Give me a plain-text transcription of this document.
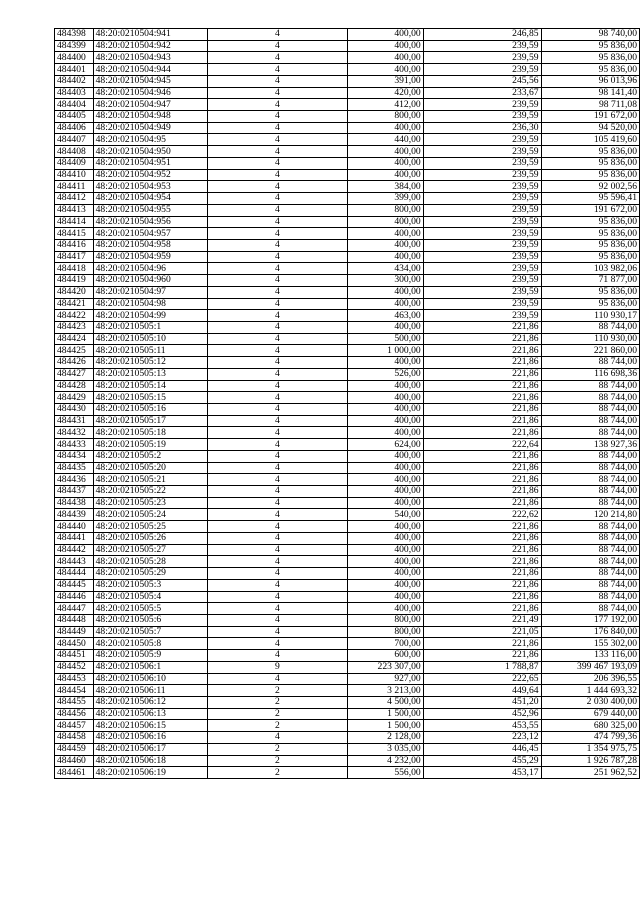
484398	48:20:0210504:941	4	400,00	246,85	98 740,00
484399	48:20:0210504:942	4	400,00	239,59	95 836,00
484400	48:20:0210504:943	4	400,00	239,59	95 836,00
484401	48:20:0210504:944	4	400,00	239,59	95 836,00
484402	48:20:0210504:945	4	391,00	245,56	96 013,96
484403	48:20:0210504:946	4	420,00	233,67	98 141,40
484404	48:20:0210504:947	4	412,00	239,59	98 711,08
484405	48:20:0210504:948	4	800,00	239,59	191 672,00
484406	48:20:0210504:949	4	400,00	236,30	94 520,00
484407	48:20:0210504:95	4	440,00	239,59	105 419,60
484408	48:20:0210504:950	4	400,00	239,59	95 836,00
484409	48:20:0210504:951	4	400,00	239,59	95 836,00
484410	48:20:0210504:952	4	400,00	239,59	95 836,00
484411	48:20:0210504:953	4	384,00	239,59	92 002,56
484412	48:20:0210504:954	4	399,00	239,59	95 596,41
484413	48:20:0210504:955	4	800,00	239,59	191 672,00
484414	48:20:0210504:956	4	400,00	239,59	95 836,00
484415	48:20:0210504:957	4	400,00	239,59	95 836,00
484416	48:20:0210504:958	4	400,00	239,59	95 836,00
484417	48:20:0210504:959	4	400,00	239,59	95 836,00
484418	48:20:0210504:96	4	434,00	239,59	103 982,06
484419	48:20:0210504:960	4	300,00	239,59	71 877,00
484420	48:20:0210504:97	4	400,00	239,59	95 836,00
484421	48:20:0210504:98	4	400,00	239,59	95 836,00
484422	48:20:0210504:99	4	463,00	239,59	110 930,17
484423	48:20:0210505:1	4	400,00	221,86	88 744,00
484424	48:20:0210505:10	4	500,00	221,86	110 930,00
484425	48:20:0210505:11	4	1 000,00	221,86	221 860,00
484426	48:20:0210505:12	4	400,00	221,86	88 744,00
484427	48:20:0210505:13	4	526,00	221,86	116 698,36
484428	48:20:0210505:14	4	400,00	221,86	88 744,00
484429	48:20:0210505:15	4	400,00	221,86	88 744,00
484430	48:20:0210505:16	4	400,00	221,86	88 744,00
484431	48:20:0210505:17	4	400,00	221,86	88 744,00
484432	48:20:0210505:18	4	400,00	221,86	88 744,00
484433	48:20:0210505:19	4	624,00	222,64	138 927,36
484434	48:20:0210505:2	4	400,00	221,86	88 744,00
484435	48:20:0210505:20	4	400,00	221,86	88 744,00
484436	48:20:0210505:21	4	400,00	221,86	88 744,00
484437	48:20:0210505:22	4	400,00	221,86	88 744,00
484438	48:20:0210505:23	4	400,00	221,86	88 744,00
484439	48:20:0210505:24	4	540,00	222,62	120 214,80
484440	48:20:0210505:25	4	400,00	221,86	88 744,00
484441	48:20:0210505:26	4	400,00	221,86	88 744,00
484442	48:20:0210505:27	4	400,00	221,86	88 744,00
484443	48:20:0210505:28	4	400,00	221,86	88 744,00
484444	48:20:0210505:29	4	400,00	221,86	88 744,00
484445	48:20:0210505:3	4	400,00	221,86	88 744,00
484446	48:20:0210505:4	4	400,00	221,86	88 744,00
484447	48:20:0210505:5	4	400,00	221,86	88 744,00
484448	48:20:0210505:6	4	800,00	221,49	177 192,00
484449	48:20:0210505:7	4	800,00	221,05	176 840,00
484450	48:20:0210505:8	4	700,00	221,86	155 302,00
484451	48:20:0210505:9	4	600,00	221,86	133 116,00
484452	48:20:0210506:1	9	223 307,00	1 788,87	399 467 193,09
484453	48:20:0210506:10	4	927,00	222,65	206 396,55
484454	48:20:0210506:11	2	3 213,00	449,64	1 444 693,32
484455	48:20:0210506:12	2	4 500,00	451,20	2 030 400,00
484456	48:20:0210506:13	2	1 500,00	452,96	679 440,00
484457	48:20:0210506:15	2	1 500,00	453,55	680 325,00
484458	48:20:0210506:16	4	2 128,00	223,12	474 799,36
484459	48:20:0210506:17	2	3 035,00	446,45	1 354 975,75
484460	48:20:0210506:18	2	4 232,00	455,29	1 926 787,28
484461	48:20:0210506:19	2	556,00	453,17	251 962,52
